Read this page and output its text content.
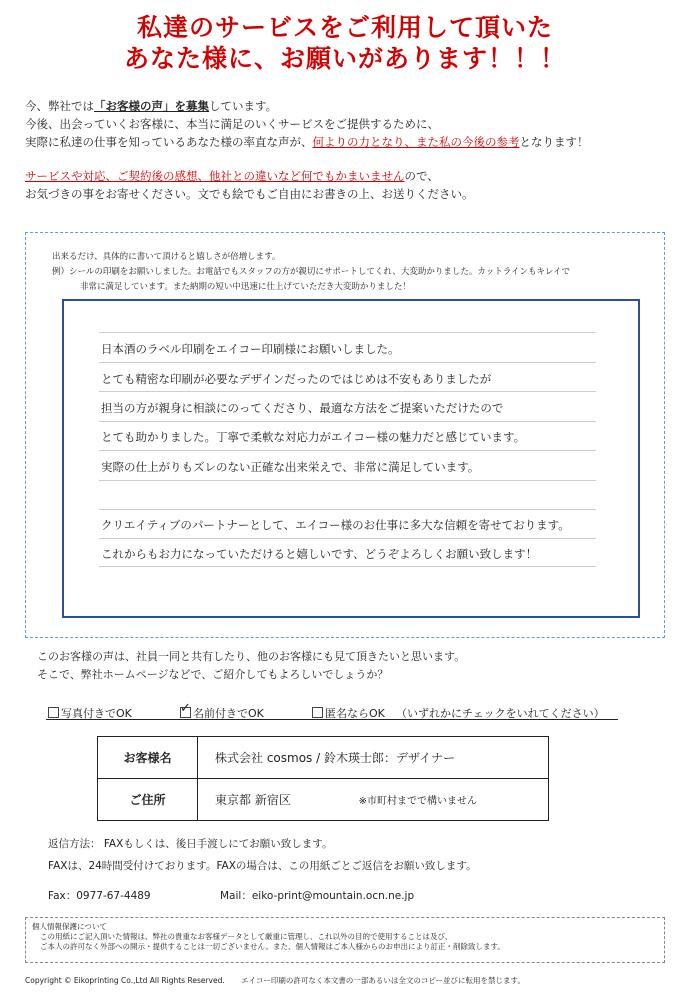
私達のサービスをご利用して頂いた
あなた様に、お願いがあります！！！
今、弊社では「お客様の声」を募集しています。
今後、出会っていくお客様に、本当に満足のいくサービスをご提供するために、
実際に私達の仕事を知っているあなた様の率直な声が、何よりの力となり、また私の今後の参考となります！
サービスや対応、ご契約後の感想、他社との違いなど何でもかまいませんので、
お気づきの事をお寄せください。文でも絵でもご自由にお書きの上、お送りください。
出来るだけ、具体的に書いて頂けると嬉しさが倍増します。
例）シールの印刷をお願いしました。お電話でもスタッフの方が親切にサポートしてくれ、大変助かりました。カットラインもキレイで
非常に満足しています。また納期の短い中迅速に仕上げていただき大変助かりました！
日本酒のラベル印刷をエイコー印刷様にお願いしました。
とても精密な印刷が必要なデザインだったのではじめは不安もありましたが
担当の方が親身に相談にのってくださり、最適な方法をご提案いただけたので
とても助かりました。丁寧で柔軟な対応力がエイコー様の魅力だと感じています。
実際の仕上がりもズレのない正確な出来栄えで、非常に満足しています。
クリエイティブのパートナーとして、エイコー様のお仕事に多大な信頼を寄せております。
これからもお力になっていただけると嬉しいです、どうぞよろしくお願い致します！
このお客様の声は、社員一同と共有したり、他のお客様にも見て頂きたいと思います。
そこで、弊社ホームページなどで、ご紹介してもよろしいでしょうか？
写真付きでOK	✓ 名前付きでOK	匿名ならOK （いずれかにチェックをいれてください）
お客様名	株式会社 cosmos / 鈴木瑛士郎：デザイナー
ご住所	東京都 新宿区 ※市町村までで構いません
返信方法： FAXもしくは、後日手渡しにてお願い致します。
FAXは、24時間受付けております。FAXの場合は、この用紙ごとご返信をお願い致します。
Fax：0977-67-4489	Mail：eiko-print@mountain.ocn.ne.jp
個人情報保護について
この用紙にご記入頂いた情報は、弊社の貴重なお客様データとして厳重に管理し、これ以外の目的で使用することは及び、
ご本人の許可なく外部への開示・提供することは一切ございません。また、個人情報はご本人様からのお申出により訂正・削除致します。
Copyright © Eikoprinting Co.,Ltd All Rights Reserved. エイコー印刷の許可なく本文書の一部あるいは全文のコピー並びに転用を禁じます。
